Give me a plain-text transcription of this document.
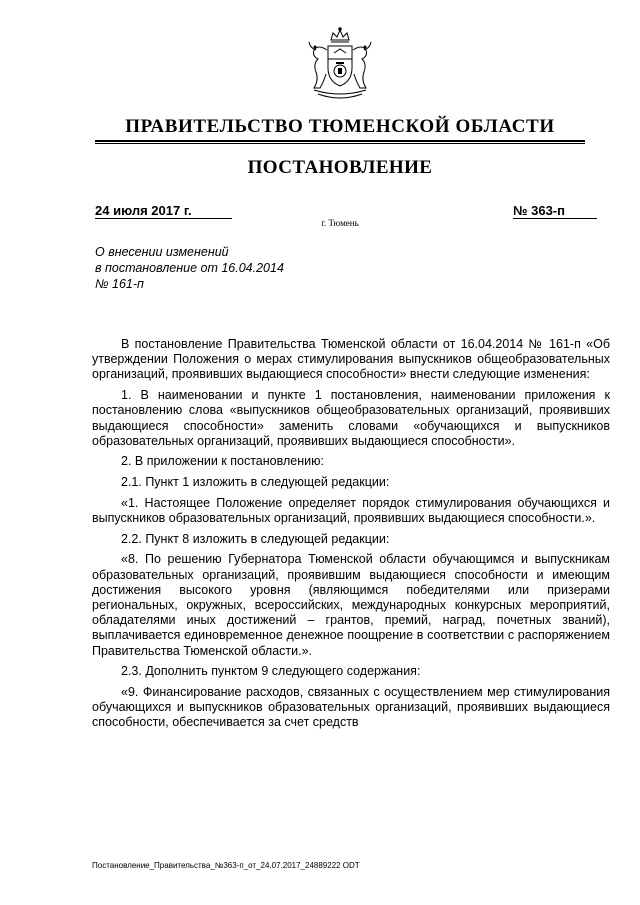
ПРАВИТЕЛЬСТВО ТЮМЕНСКОЙ ОБЛАСТИ
ПОСТАНОВЛЕНИЕ
24 июля 2017 г.	№ 363-п
г. Тюмень
О внесении изменений
в постановление от 16.04.2014
№ 161-п

В постановление Правительства Тюменской области от 16.04.2014 № 161-п «Об утверждении Положения о мерах стимулирования выпускников общеобразовательных организаций, проявивших выдающиеся способности» внести следующие изменения:

1. В наименовании и пункте 1 постановления, наименовании приложения к постановлению слова «выпускников общеобразовательных организаций, проявивших выдающиеся способности» заменить словами «обучающихся и выпускников образовательных организаций, проявивших выдающиеся способности».

2. В приложении к постановлению:

2.1. Пункт 1 изложить в следующей редакции:

«1. Настоящее Положение определяет порядок стимулирования обучающихся и выпускников образовательных организаций, проявивших выдающиеся способности.».

2.2. Пункт 8 изложить в следующей редакции:

«8. По решению Губернатора Тюменской области обучающимся и выпускникам образовательных организаций, проявившим выдающиеся способности и имеющим достижения высокого уровня (являющимся победителями или призерами региональных, окружных, всероссийских, международных конкурсных мероприятий, обладателями иных достижений – грантов, премий, наград, почетных званий), выплачивается единовременное денежное поощрение в соответствии с распоряжением Правительства Тюменской области.».

2.3. Дополнить пунктом 9 следующего содержания:

«9. Финансирование расходов, связанных с осуществлением мер стимулирования обучающихся и выпускников образовательных организаций, проявивших выдающиеся способности, обеспечивается за счет средств

Постановление_Правительства_№363-п_от_24.07.2017_24889222 ODT
